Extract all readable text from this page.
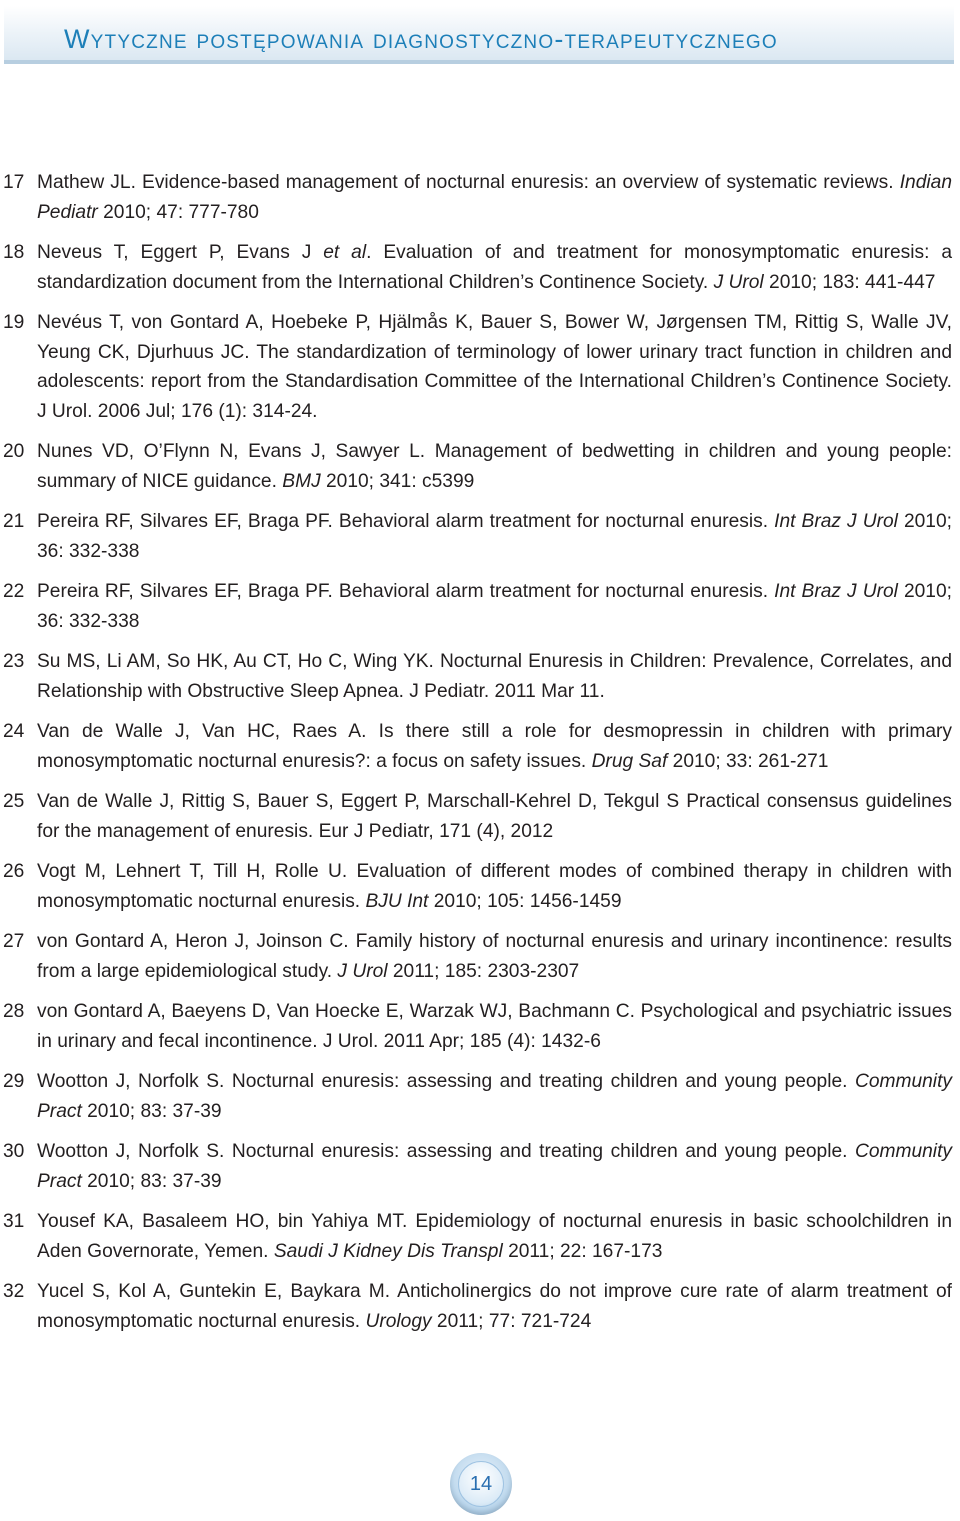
Wytyczne postępowania diagnostyczno-terapeutycznego
17 Mathew JL. Evidence-based management of nocturnal enuresis: an overview of systematic reviews. Indian Pediatr 2010; 47: 777-780
18 Neveus T, Eggert P, Evans J et al. Evaluation of and treatment for monosymptomatic enuresis: a standardization document from the International Children’s Continence Society. J Urol 2010; 183: 441-447
19 Nevéus T, von Gontard A, Hoebeke P, Hjälmås K, Bauer S, Bower W, Jørgensen TM, Rittig S, Walle JV, Yeung CK, Djurhuus JC. The standardization of terminology of lower urinary tract function in children and adolescents: report from the Standardisation Committee of the International Children’s Continence Society. J Urol. 2006 Jul; 176 (1): 314-24.
20 Nunes VD, O’Flynn N, Evans J, Sawyer L. Management of bedwetting in children and young people: summary of NICE guidance. BMJ 2010; 341: c5399
21 Pereira RF, Silvares EF, Braga PF. Behavioral alarm treatment for nocturnal enuresis. Int Braz J Urol 2010; 36: 332-338
22 Pereira RF, Silvares EF, Braga PF. Behavioral alarm treatment for nocturnal enuresis. Int Braz J Urol 2010; 36: 332-338
23 Su MS, Li AM, So HK, Au CT, Ho C, Wing YK. Nocturnal Enuresis in Children: Prevalence, Correlates, and Relationship with Obstructive Sleep Apnea. J Pediatr. 2011 Mar 11.
24 Van de Walle J, Van HC, Raes A. Is there still a role for desmopressin in children with primary monosymptomatic nocturnal enuresis?: a focus on safety issues. Drug Saf 2010; 33: 261-271
25 Van de Walle J, Rittig S, Bauer S, Eggert P, Marschall-Kehrel D, Tekgul S Practical consensus guidelines for the management of enuresis. Eur J Pediatr, 171 (4), 2012
26 Vogt M, Lehnert T, Till H, Rolle U. Evaluation of different modes of combined therapy in children with monosymptomatic nocturnal enuresis. BJU Int 2010; 105: 1456-1459
27 von Gontard A, Heron J, Joinson C. Family history of nocturnal enuresis and urinary incontinence: results from a large epidemiological study. J Urol 2011; 185: 2303-2307
28 von Gontard A, Baeyens D, Van Hoecke E, Warzak WJ, Bachmann C. Psychological and psychiatric issues in urinary and fecal incontinence. J Urol. 2011 Apr; 185 (4): 1432-6
29 Wootton J, Norfolk S. Nocturnal enuresis: assessing and treating children and young people. Community Pract 2010; 83: 37-39
30 Wootton J, Norfolk S. Nocturnal enuresis: assessing and treating children and young people. Community Pract 2010; 83: 37-39
31 Yousef KA, Basaleem HO, bin Yahiya MT. Epidemiology of nocturnal enuresis in basic schoolchildren in Aden Governorate, Yemen. Saudi J Kidney Dis Transpl 2011; 22: 167-173
32 Yucel S, Kol A, Guntekin E, Baykara M. Anticholinergics do not improve cure rate of alarm treatment of monosymptomatic nocturnal enuresis. Urology 2011; 77: 721-724
14
